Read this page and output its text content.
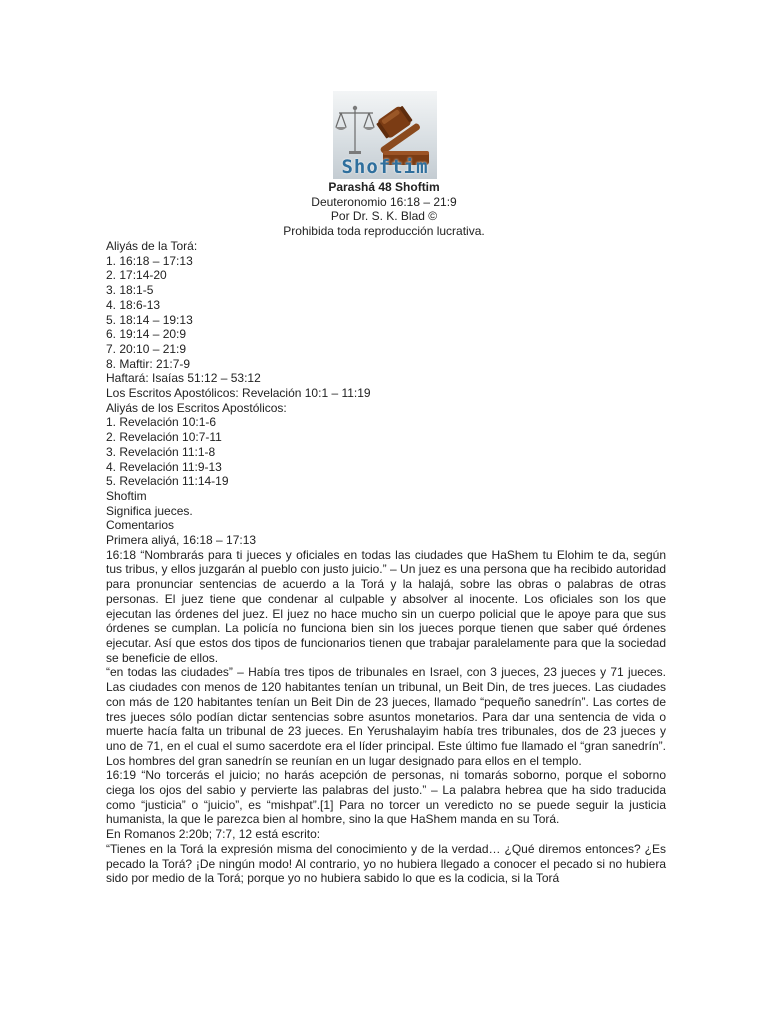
Shoftim
Parashá 48 Shoftim
Deuteronomio 16:18 – 21:9
Por Dr. S. K. Blad ©
Prohibida toda reproducción lucrativa.

Aliyás de la Torá:

1. 16:18 – 17:13

2. 17:14-20

3. 18:1-5

4. 18:6-13

5. 18:14 – 19:13

6. 19:14 – 20:9

7. 20:10 – 21:9

8. Maftir: 21:7-9

Haftará: Isaías 51:12 – 53:12

Los Escritos Apostólicos: Revelación 10:1 – 11:19

Aliyás de los Escritos Apostólicos:

1. Revelación 10:1-6

2. Revelación 10:7-11

3. Revelación 11:1-8

4. Revelación 11:9-13

5. Revelación 11:14-19

Shoftim

Significa jueces.

Comentarios

Primera aliyá, 16:18 – 17:13

16:18 “Nombrarás para ti jueces y oficiales en todas las ciudades que HaShem tu Elohim te da, según tus tribus, y ellos juzgarán al pueblo con justo juicio.” – Un juez es una persona que ha recibido autoridad para pronunciar sentencias de acuerdo a la Torá y la halajá, sobre las obras o palabras de otras personas. El juez tiene que condenar al culpable y absolver al inocente. Los oficiales son los que ejecutan las órdenes del juez. El juez no hace mucho sin un cuerpo policial que le apoye para que sus órdenes se cumplan. La policía no funciona bien sin los jueces porque tienen que saber qué órdenes ejecutar. Así que estos dos tipos de funcionarios tienen que trabajar paralelamente para que la sociedad se beneficie de ellos.

“en todas las ciudades” – Había tres tipos de tribunales en Israel, con 3 jueces, 23 jueces y 71 jueces. Las ciudades con menos de 120 habitantes tenían un tribunal, un Beit Din, de tres jueces. Las ciudades con más de 120 habitantes tenían un Beit Din de 23 jueces, llamado “pequeño sanedrín”. Las cortes de tres jueces sólo podían dictar sentencias sobre asuntos monetarios. Para dar una sentencia de vida o muerte hacía falta un tribunal de 23 jueces. En Yerushalayim había tres tribunales, dos de 23 jueces y uno de 71, en el cual el sumo sacerdote era el líder principal. Este último fue llamado el “gran sanedrín”. Los hombres del gran sanedrín se reunían en un lugar designado para ellos en el templo.

16:19 “No torcerás el juicio; no harás acepción de personas, ni tomarás soborno, porque el soborno ciega los ojos del sabio y pervierte las palabras del justo.” – La palabra hebrea que ha sido traducida como “justicia” o “juicio”, es “mishpat”.[1] Para no torcer un veredicto no se puede seguir la justicia humanista, la que le parezca bien al hombre, sino la que HaShem manda en su Torá.

En Romanos 2:20b; 7:7, 12 está escrito:

“Tienes en la Torá la expresión misma del conocimiento y de la verdad… ¿Qué diremos entonces? ¿Es pecado la Torá? ¡De ningún modo! Al contrario, yo no hubiera llegado a conocer el pecado si no hubiera sido por medio de la Torá; porque yo no hubiera sabido lo que es la codicia, si la Torá
